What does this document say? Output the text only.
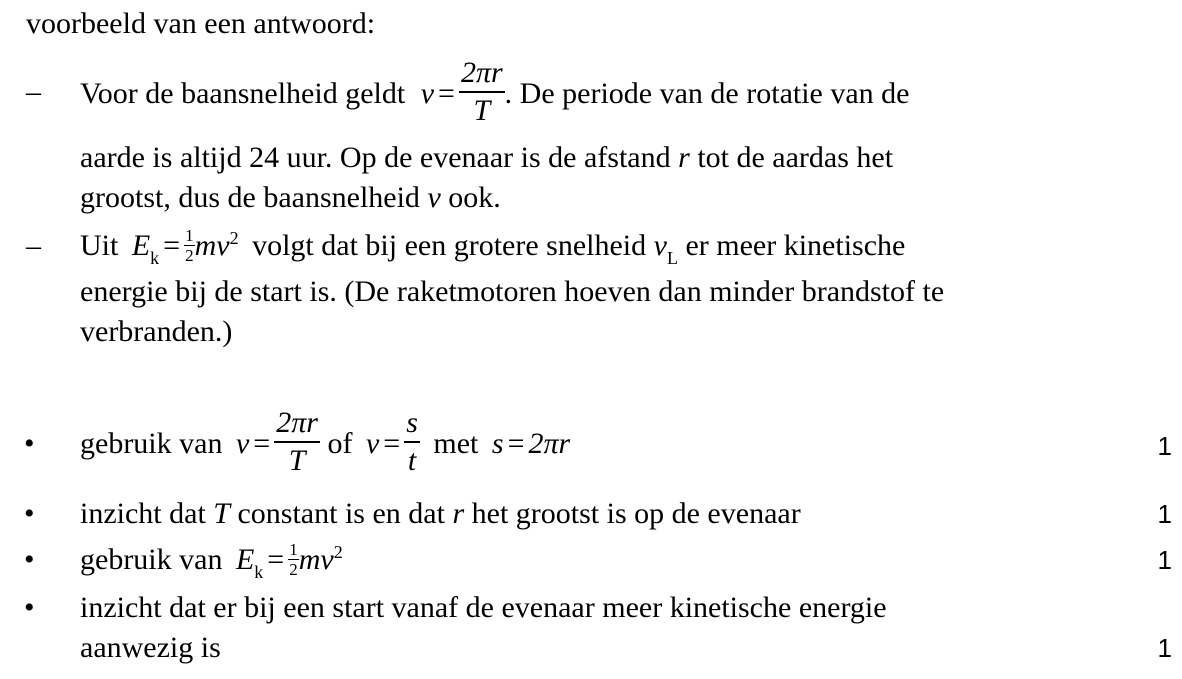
voorbeeld van een antwoord:
–	Voor de baansnelheid geldt $v = \frac{2\pi r}{T}$ . De periode van de rotatie van de
aarde is altijd 24 uur. Op de evenaar is de afstand r tot de aardas het
grootst, dus de baansnelheid v ook.
–	Uit $E_k = \frac{1}{2} mv^2$ volgt dat bij een grotere snelheid $v_L$ er meer kinetische
energie bij de start is. (De raketmotoren hoeven dan minder brandstof te
verbranden.)
•	gebruik van $v = \frac{2\pi r}{T}$ of $v = \frac{s}{t}$ met s = 2πr	1
•	inzicht dat T constant is en dat r het grootst is op de evenaar	1
•	gebruik van $E_k = \frac{1}{2} mv^2$	1
•	inzicht dat er bij een start vanaf de evenaar meer kinetische energie
aanwezig is	1
